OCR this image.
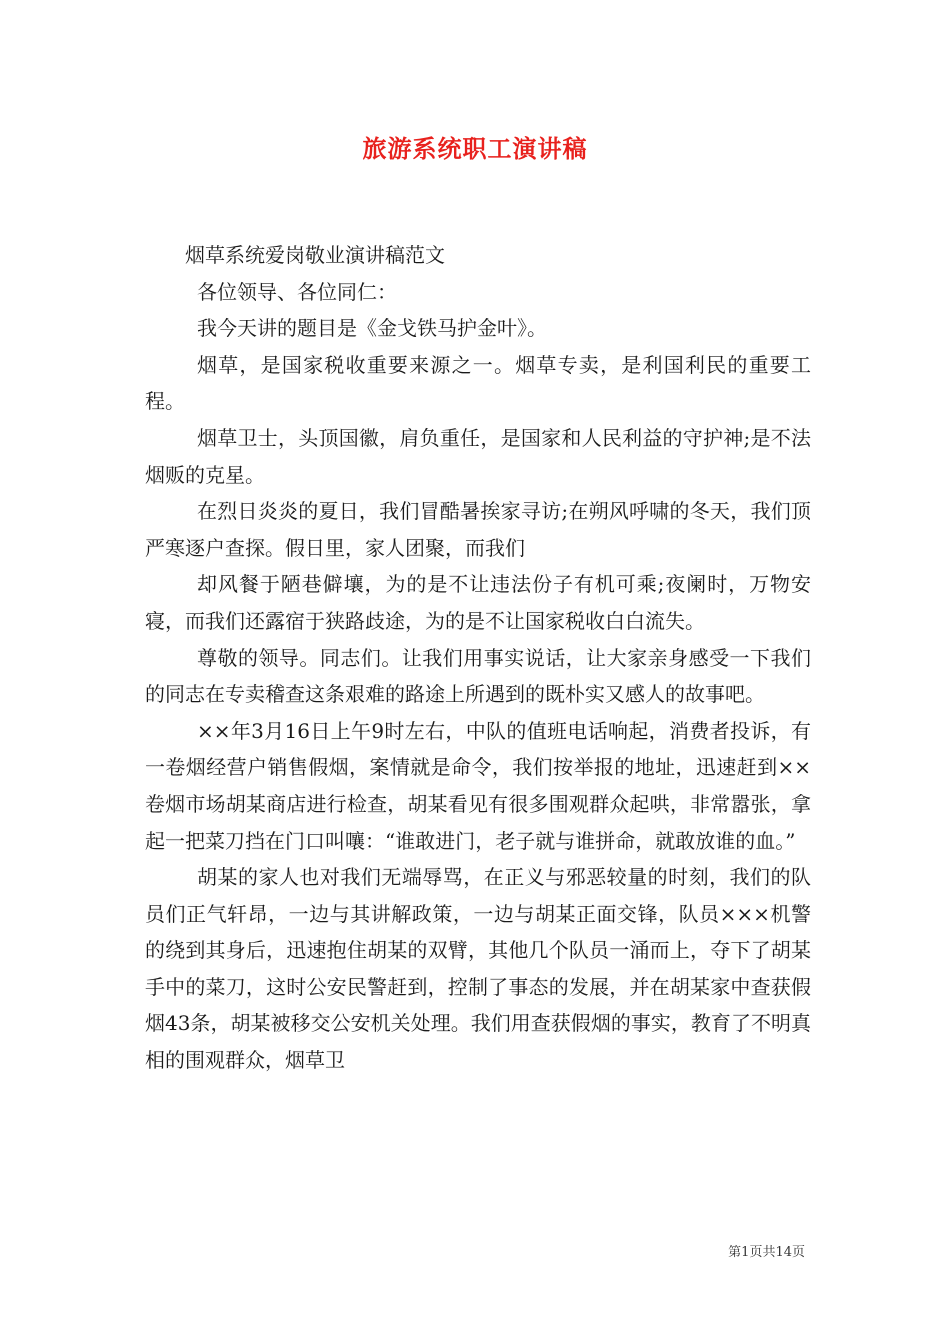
旅游系统职工演讲稿

烟草系统爱岗敬业演讲稿范文

各位领导、各位同仁：

我今天讲的题目是《金戈铁马护金叶》。

烟草，是国家税收重要来源之一。烟草专卖，是利国利民的重要工程。

烟草卫士，头顶国徽，肩负重任，是国家和人民利益的守护神;是不法烟贩的克星。

在烈日炎炎的夏日，我们冒酷暑挨家寻访;在朔风呼啸的冬天，我们顶严寒逐户查探。假日里，家人团聚，而我们

却风餐于陋巷僻壤，为的是不让违法份子有机可乘;夜阑时，万物安寝，而我们还露宿于狭路歧途，为的是不让国家税收白白流失。

尊敬的领导。同志们。让我们用事实说话，让大家亲身感受一下我们的同志在专卖稽查这条艰难的路途上所遇到的既朴实又感人的故事吧。

××年3月16日上午9时左右，中队的值班电话响起，消费者投诉，有一卷烟经营户销售假烟，案情就是命令，我们按举报的地址，迅速赶到××卷烟市场胡某商店进行检查，胡某看见有很多围观群众起哄，非常嚣张，拿起一把菜刀挡在门口叫嚷：“谁敢进门，老子就与谁拼命，就敢放谁的血。”

胡某的家人也对我们无端辱骂，在正义与邪恶较量的时刻，我们的队员们正气轩昂，一边与其讲解政策，一边与胡某正面交锋，队员×××机警的绕到其身后，迅速抱住胡某的双臂，其他几个队员一涌而上，夺下了胡某手中的菜刀，这时公安民警赶到，控制了事态的发展，并在胡某家中查获假烟43条，胡某被移交公安机关处理。我们用查获假烟的事实，教育了不明真相的围观群众，烟草卫

第1页共14页
